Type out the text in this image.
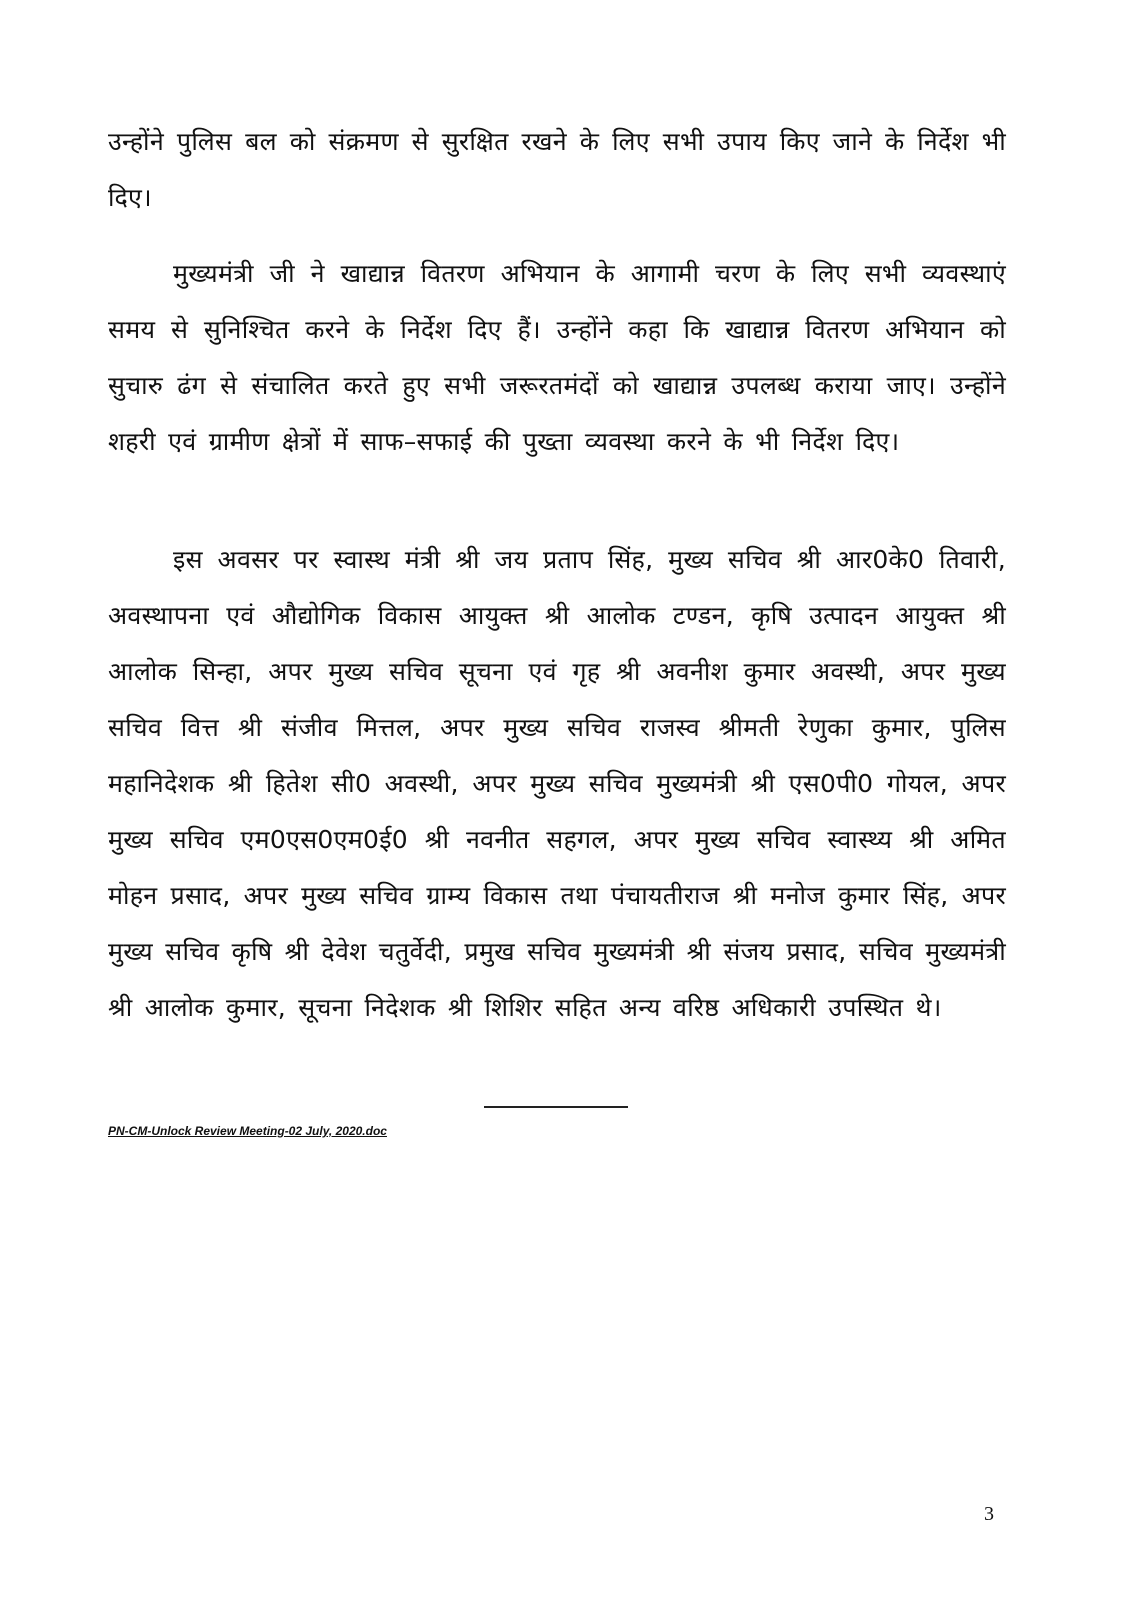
उन्होंने पुलिस बल को संक्रमण से सुरक्षित रखने के लिए सभी उपाय किए जाने के निर्देश भी दिए।

मुख्यमंत्री जी ने खाद्यान्न वितरण अभियान के आगामी चरण के लिए सभी व्यवस्थाएं समय से सुनिश्चित करने के निर्देश दिए हैं। उन्होंने कहा कि खाद्यान्न वितरण अभियान को सुचारु ढंग से संचालित करते हुए सभी जरूरतमंदों को खाद्यान्न उपलब्ध कराया जाए। उन्होंने शहरी एवं ग्रामीण क्षेत्रों में साफ–सफाई की पुख्ता व्यवस्था करने के भी निर्देश दिए।

इस अवसर पर स्वास्थ मंत्री श्री जय प्रताप सिंह, मुख्य सचिव श्री आर0के0 तिवारी, अवस्थापना एवं औद्योगिक विकास आयुक्त श्री आलोक टण्डन, कृषि उत्पादन आयुक्त श्री आलोक सिन्हा, अपर मुख्य सचिव सूचना एवं गृह श्री अवनीश कुमार अवस्थी, अपर मुख्य सचिव वित्त श्री संजीव मित्तल, अपर मुख्य सचिव राजस्व श्रीमती रेणुका कुमार, पुलिस महानिदेशक श्री हितेश सी0 अवस्थी, अपर मुख्य सचिव मुख्यमंत्री श्री एस0पी0 गोयल, अपर मुख्य सचिव एम0एस0एम0ई0 श्री नवनीत सहगल, अपर मुख्य सचिव स्वास्थ्य श्री अमित मोहन प्रसाद, अपर मुख्य सचिव ग्राम्य विकास तथा पंचायतीराज श्री मनोज कुमार सिंह, अपर मुख्य सचिव कृषि श्री देवेश चतुर्वेदी, प्रमुख सचिव मुख्यमंत्री श्री संजय प्रसाद, सचिव मुख्यमंत्री श्री आलोक कुमार, सूचना निदेशक श्री शिशिर सहित अन्य वरिष्ठ अधिकारी उपस्थित थे।

PN-CM-Unlock Review Meeting-02 July, 2020.doc
3
